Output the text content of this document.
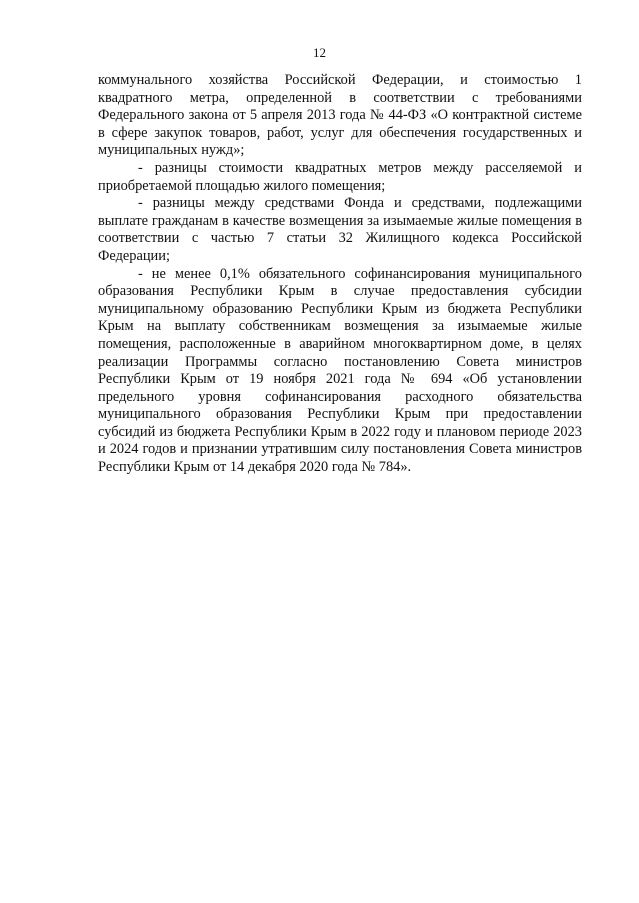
12

коммунального хозяйства Российской Федерации, и стоимостью 1 квадратного метра, определенной в соответствии с требованиями Федерального закона от 5 апреля 2013 года № 44-ФЗ «О контрактной системе в сфере закупок товаров, работ, услуг для обеспечения государственных и муниципальных нужд»;

- разницы стоимости квадратных метров между расселяемой и приобретаемой площадью жилого помещения;

- разницы между средствами Фонда и средствами, подлежащими выплате гражданам в качестве возмещения за изымаемые жилые помещения в соответствии с частью 7 статьи 32 Жилищного кодекса Российской Федерации;

- не менее 0,1% обязательного софинансирования муниципального образования Республики Крым в случае предоставления субсидии муниципальному образованию Республики Крым из бюджета Республики Крым на выплату собственникам возмещения за изымаемые жилые помещения, расположенные в аварийном многоквартирном доме, в целях реализации Программы согласно постановлению Совета министров Республики Крым от 19 ноября 2021 года № 694 «Об установлении предельного уровня софинансирования расходного обязательства муниципального образования Республики Крым при предоставлении субсидий из бюджета Республики Крым в 2022 году и плановом периоде 2023 и 2024 годов и признании утратившим силу постановления Совета министров Республики Крым от 14 декабря 2020 года № 784».
